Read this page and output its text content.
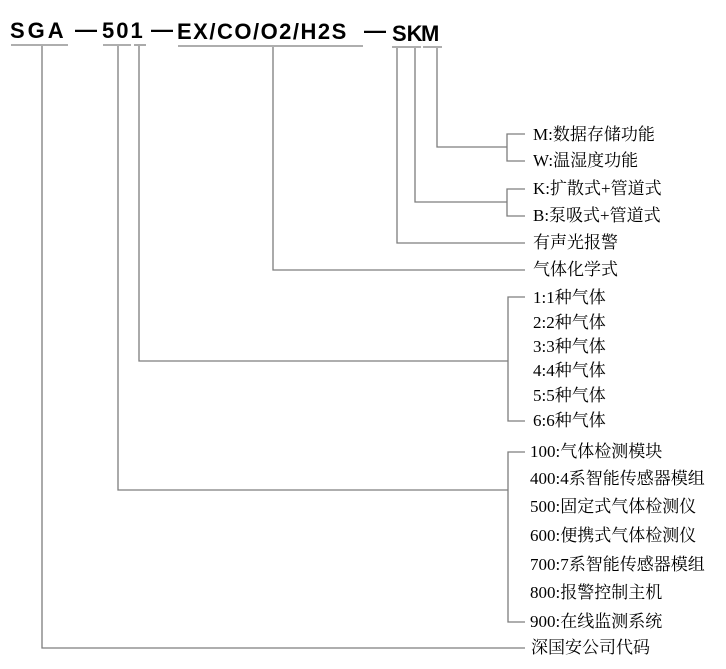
SGA — 501 — EX/CO/O2/H2S — SK
M
M:数据存储功能
W:温湿度功能
K:扩散式+管道式
B:泵吸式+管道式
有声光报警
气体化学式
1:1种气体
2:2种气体
3:3种气体
4:4种气体
5:5种气体
6:6种气体
100:气体检测模块
400:4系智能传感器模组
500:固定式气体检测仪
600:便携式气体检测仪
700:7系智能传感器模组
800:报警控制主机
900:在线监测系统
深国安公司代码
